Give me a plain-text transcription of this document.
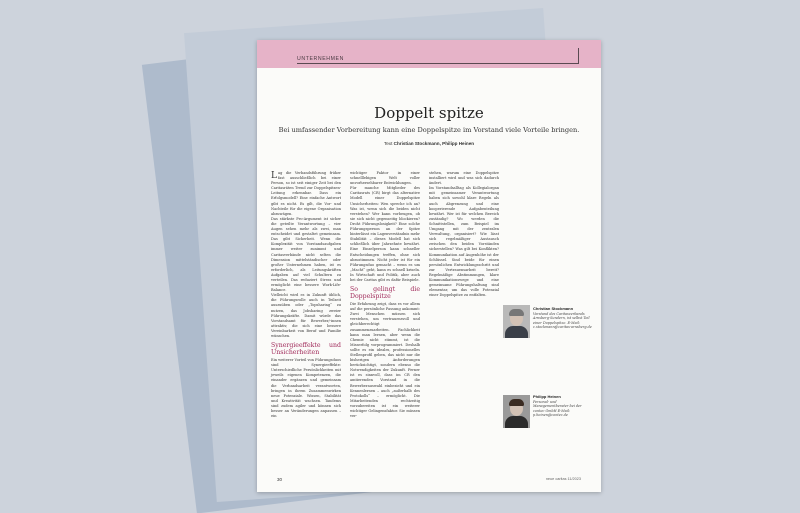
UNTERNEHMEN
Doppelt spitze
Bei umfassender Vorbereitung kann eine Doppelspitze im Vorstand viele Vorteile bringen.
Text Christian Stockmann, Philipp Heinen

Lag die Verbandsführung früher fast ausschließlich bei einer Person, so ist seit einiger Zeit bei den Caritasräten Trend zur Doppelspitzen-Leitung erkennbar. Dass ein Erfolgsmodell? Eine einfache Antwort gibt es nicht. Es gilt, die Vor- und Nachteile für die eigene Organisation abzuwägen.

Das stärkste Pro-Argument ist sicher die geteilte Verantwortung – vier Augen sehen mehr als zwei, man entscheidet und gestaltet gemeinsam. Das gibt Sicherheit. Wenn die Komplexität von Vorstandsaufgaben immer weiter zunimmt und Caritasverbände nicht selten die Dimension mittelständischer oder großer Unternehmen haben, ist es erforderlich, als Leitungskräften Aufgaben auf viel Schultern zu verteilen. Das reduziert Stress und ermöglicht eine bessere Work-Life-Balance.

Vielleicht wird es in Zukunft üblich, die Führungsrolle auch in Teilzeit auszuüben oder „Topsharing“ zu nutzen, das Jobsharing zweier Führungskräfte. Damit würde das Vorstandsamt für Bewerber/-innen attraktiv, die sich eine bessere Vereinbarkeit von Beruf und Familie wünschen.

Synergieeffekte und Unsicherheiten

Ein weiterer Vorteil von Führungsduos sind Synergieeffekte: Unterschiedliche Persönlichkeiten mit jeweils eigenen Kompetenzen, die einander ergänzen und gemeinsam die Verbandsarbeit verantworten, bringen in ihrem Zusammenwirken neue Potenziale. Wissen, Stabilität und Kreativität wachsen. Tandems sind zudem agiler und können sich besser an Veränderungen anpassen – ein

wichtiger Faktor in einer schnelllebigen Welt voller unvorhersehbarer Entwicklungen.

Für manche Mitglieder des Caritasrats (CR) birgt das alternative Modell einer Doppelspitze Unsicherheiten: Wen spreche ich an? Was ist, wenn sich die beiden nicht verstehen? Wer kann vorbeugen, ob sie sich nicht gegenseitig blockieren? Droht Führungslosigkeit? Eine solche Führungsperson an der Spitze hinterlässt ein Lagenverständnis mehr Stabilität – dieses Modell hat sich schließlich über Jahrzehnte bewährt. Eine Einzelperson kann schneller Entscheidungen treffen, ohne sich abzustimmen. Nicht jeder ist für ein Führungsduo gemacht – wenn es um „Macht“ geht, kann es schnell kriseln. In Wirtschaft und Politik, aber auch bei der Caritas gibt es dafür Beispiele.

So gelingt die Doppelspitze

Die Erfahrung zeigt, dass es vor allem auf die persönliche Passung ankommt: Zwei Menschen müssen sich verstehen, um vertrauensvoll und gleichberechtigt zusammenzuarbeiten. Fachlichkeit kann man lernen, aber wenn die Chemie nicht stimmt, ist die Misserfolg vorprogrammiert. Deshalb sollte es ein ideales, professionelles Stellenprofil geben, das nicht nur die bisherigen Anforderungen berücksichtigt, sondern ebenso die Notwendigkeiten der Zukunft. Ferner ist es sinnvoll, dass im CR den amtierenden Vorstand in die Bewerberauswahl einbezieht und ein Kennenlernen – auch „außerhalb des Protokolls“ – ermöglicht. Die Mitarbeitenden rechtzeitig vorzubereiten ist ein weiterer wichtiger Gelingensfaktor. Sie müssen ver-

stehen, warum eine Doppelspitze installiert wird und was sich dadurch ändert.

Im Vorstandsalltag als Kollegialorgan mit gemeinsamer Verantwortung haben sich sowohl klare Regeln als auch Abgrenzung und eine kooperierende Aufgabenteilung bewährt. Wer ist für welchen Bereich zuständig? Wo werden die Schnittstellen, zum Beispiel im Umgang mit der zentralen Verwaltung, organisiert? Wie lässt sich regelmäßiger Austausch zwischen den beiden Vorständen sicherstellen? Was gilt bei Konflikten? Kommunikation auf Augenhöhe ist der Schlüssel. Sind beide für einen persönlichen Entwicklungsschritt und zur Vertrauensarbeit bereit? Regelmäßige Abstimmungen, klare Kommunikationswege und eine gemeinsame Führungshaltung sind elementar, um das volle Potenzial einer Doppelspitze zu entfalten.

Christian Stockmann
Vorstand des Caritasverbands Arnsberg-Sundern, ist selbst Teil einer Doppelspitze. E-Mail: c.stockmann@caritas-arnsberg.de
Philipp Heinen
Personal- und Managementberater bei der contec GmbH E-Mail: p.heinen@contec.de
30	neue caritas 11/2023
